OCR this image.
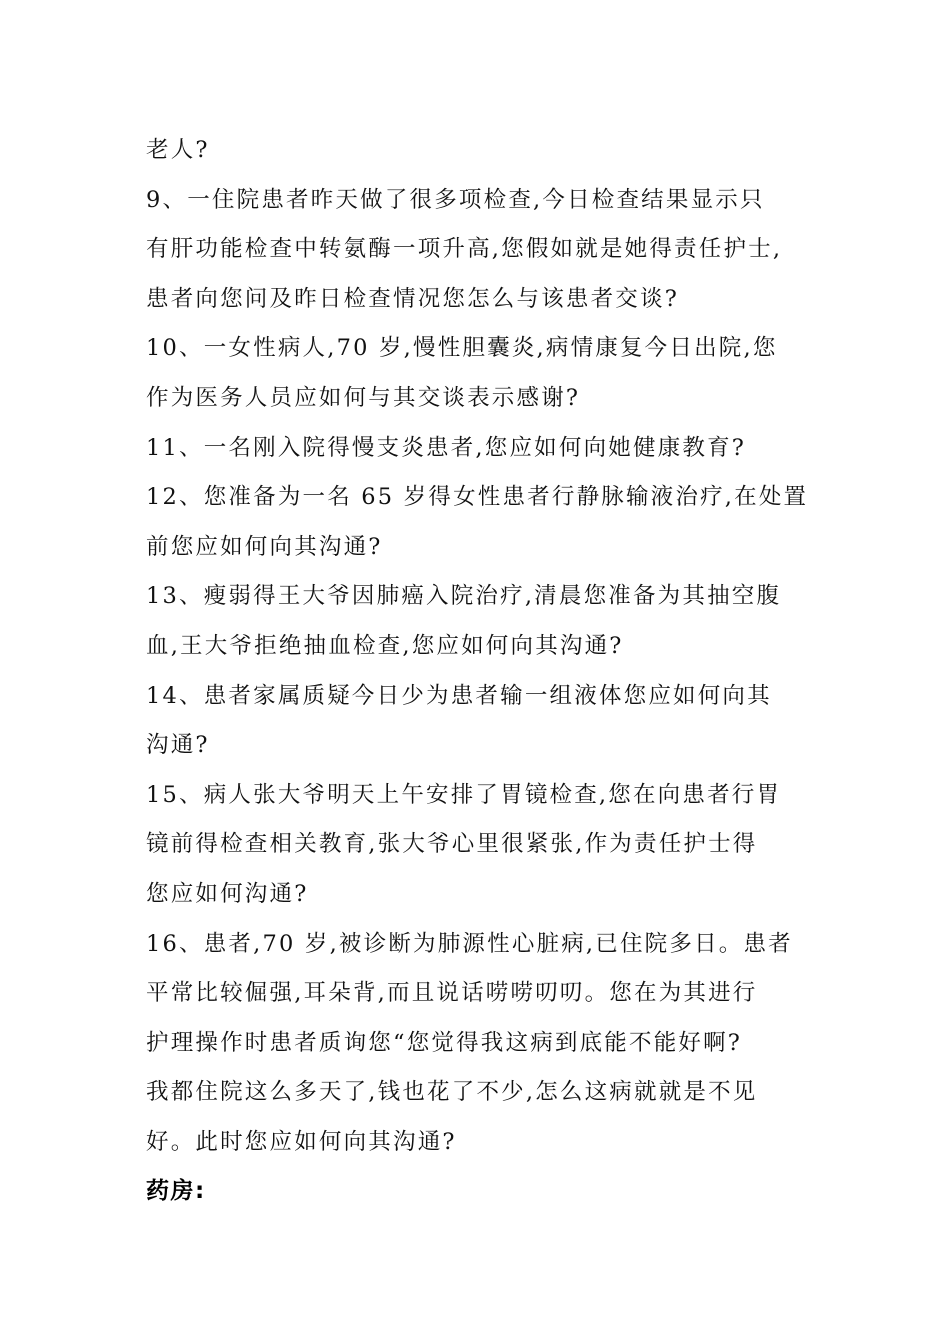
老人?
9、一住院患者昨天做了很多项检查,今日检查结果显示只
有肝功能检查中转氨酶一项升高,您假如就是她得责任护士,
患者向您问及昨日检查情况您怎么与该患者交谈?
10、一女性病人,70 岁,慢性胆囊炎,病情康复今日出院,您
作为医务人员应如何与其交谈表示感谢?
11、一名刚入院得慢支炎患者,您应如何向她健康教育?
12、您准备为一名 65 岁得女性患者行静脉输液治疗,在处置
前您应如何向其沟通?
13、瘦弱得王大爷因肺癌入院治疗,清晨您准备为其抽空腹
血,王大爷拒绝抽血检查,您应如何向其沟通?
14、患者家属质疑今日少为患者输一组液体您应如何向其
沟通?
15、病人张大爷明天上午安排了胃镜检查,您在向患者行胃
镜前得检查相关教育,张大爷心里很紧张,作为责任护士得
您应如何沟通?
16、患者,70 岁,被诊断为肺源性心脏病,已住院多日。患者
平常比较倔强,耳朵背,而且说话唠唠叨叨。您在为其进行
护理操作时患者质询您“您觉得我这病到底能不能好啊?
我都住院这么多天了,钱也花了不少,怎么这病就就是不见
好。此时您应如何向其沟通?
药房:
